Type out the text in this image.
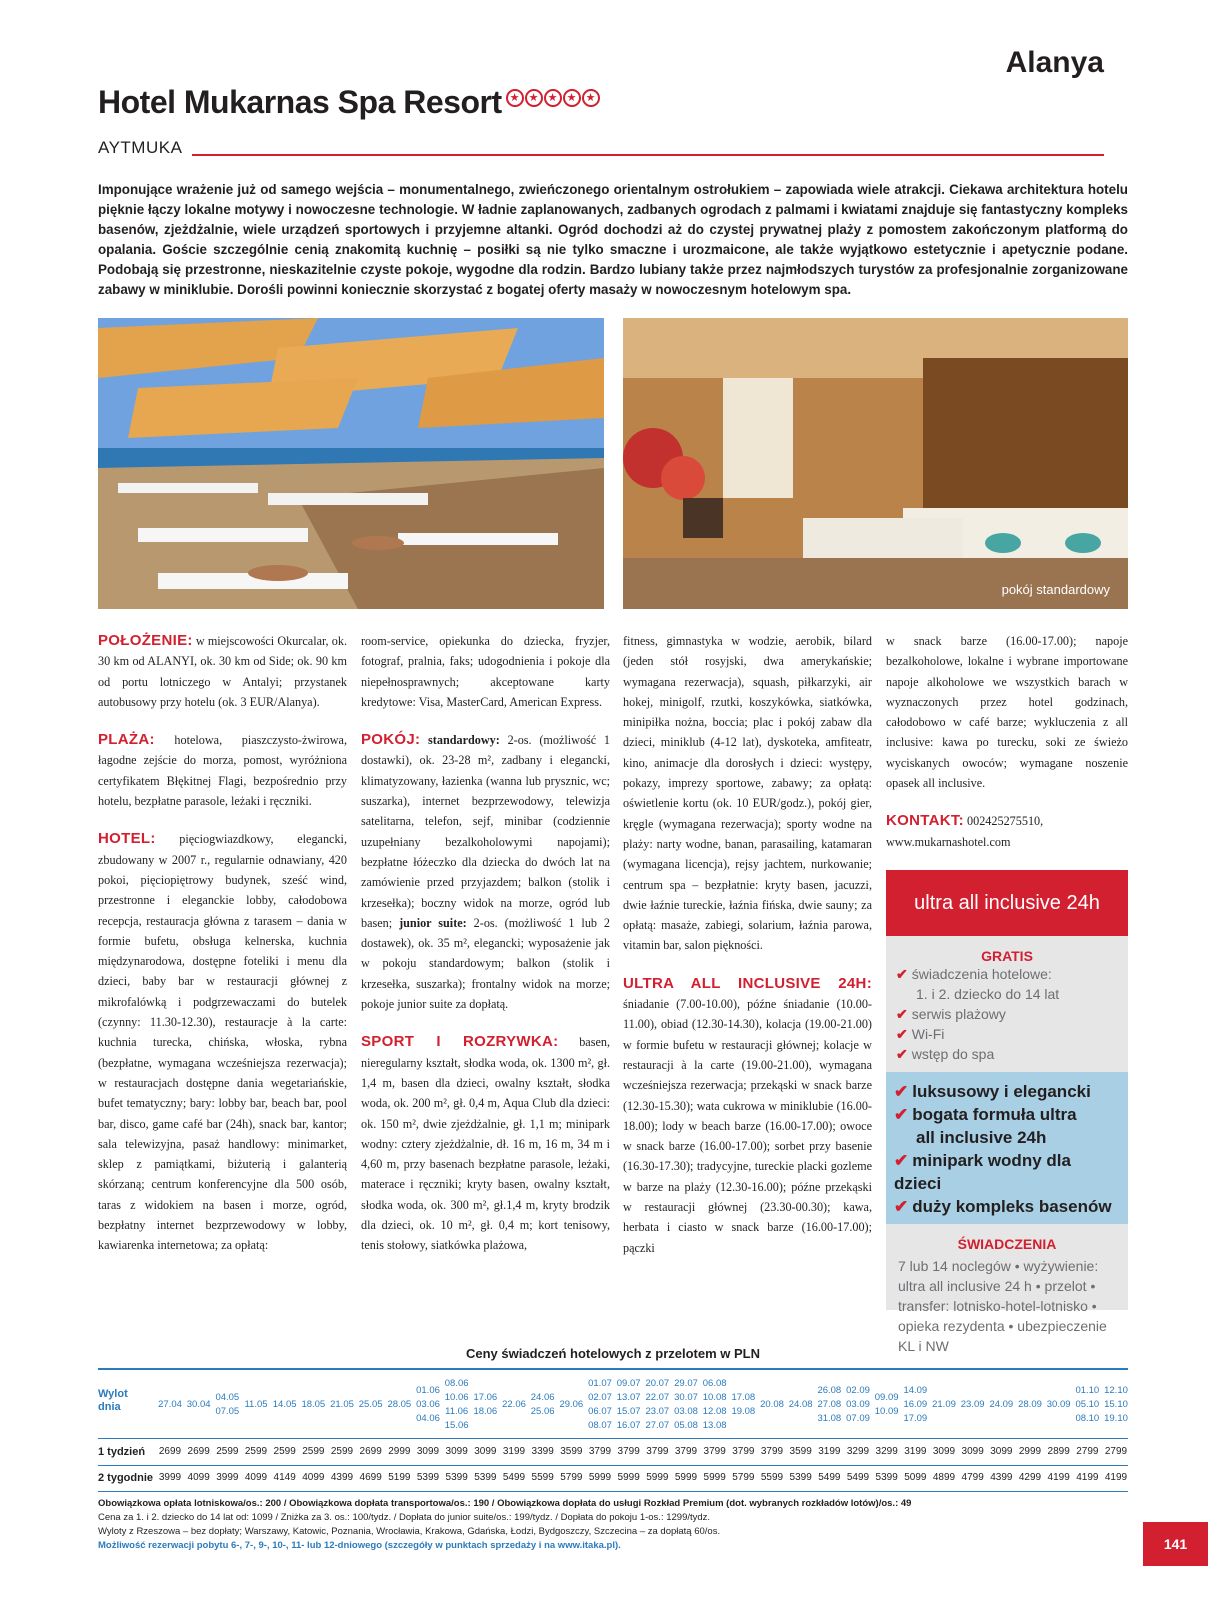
Alanya
Hotel Mukarnas Spa Resort ★ ★ ★ ★ ★
AYTMUKA
Imponujące wrażenie już od samego wejścia – monumentalnego, zwieńczonego orientalnym ostrołukiem – zapowiada wiele atrakcji. Ciekawa architektura hotelu pięknie łączy lokalne motywy i nowoczesne technologie. W ładnie zaplanowanych, zadbanych ogrodach z palmami i kwiatami znajduje się fantastyczny kompleks basenów, zjeżdżalnie, wiele urządzeń sportowych i przyjemne altanki. Ogród dochodzi aż do czystej prywatnej plaży z pomostem zakończonym platformą do opalania. Goście szczególnie cenią znakomitą kuchnię – posiłki są nie tylko smaczne i urozmaicone, ale także wyjątkowo estetycznie i apetycznie podane. Podobają się przestronne, nieskazitelnie czyste pokoje, wygodne dla rodzin. Bardzo lubiany także przez najmłodszych turystów za profesjonalnie zorganizowane zabawy w miniklubie. Dorośli powinni koniecznie skorzystać z bogatej oferty masaży w nowoczesnym hotelowym spa.
pokój standardowy

POŁOŻENIE: w miejscowości Okurcalar, ok. 30 km od ALANYI, ok. 30 km od Side; ok. 90 km od portu lotniczego w Antalyi; przystanek autobusowy przy hotelu (ok. 3 EUR/Alanya).

PLAŻA: hotelowa, piaszczysto-żwirowa, łagodne zejście do morza, pomost, wyróżniona certyfikatem Błękitnej Flagi, bezpośrednio przy hotelu, bezpłatne parasole, leżaki i ręczniki.

HOTEL: pięciogwiazdkowy, elegancki, zbudowany w 2007 r., regularnie odnawiany, 420 pokoi, pięciopiętrowy budynek, sześć wind, przestronne i eleganckie lobby, całodobowa recepcja, restauracja główna z tarasem – dania w formie bufetu, obsługa kelnerska, kuchnia międzynarodowa, dostępne foteliki i menu dla dzieci, baby bar w restauracji głównej z mikrofalówką i podgrzewaczami do butelek (czynny: 11.30-12.30), restauracje à la carte: kuchnia turecka, chińska, włoska, rybna (bezpłatne, wymagana wcześniejsza rezerwacja); w restauracjach dostępne dania wegetariańskie, bufet tematyczny; bary: lobby bar, beach bar, pool bar, disco, game café bar (24h), snack bar, kantor; sala telewizyjna, pasaż handlowy: minimarket, sklep z pamiątkami, biżuterią i galanterią skórzaną; centrum konferencyjne dla 500 osób, taras z widokiem na basen i morze, ogród, bezpłatny internet bezprzewodowy w lobby, kawiarenka internetowa; za opłatą:

room-service, opiekunka do dziecka, fryzjer, fotograf, pralnia, faks; udogodnienia i pokoje dla niepełnosprawnych; akceptowane karty kredytowe: Visa, MasterCard, American Express.

POKÓJ: standardowy: 2-os. (możliwość 1 dostawki), ok. 23-28 m², zadbany i elegancki, klimatyzowany, łazienka (wanna lub prysznic, wc; suszarka), internet bezprzewodowy, telewizja satelitarna, telefon, sejf, minibar (codziennie uzupełniany bezalkoholowymi napojami); bezpłatne łóżeczko dla dziecka do dwóch lat na zamówienie przed przyjazdem; balkon (stolik i krzesełka); boczny widok na morze, ogród lub basen; junior suite: 2-os. (możliwość 1 lub 2 dostawek), ok. 35 m², elegancki; wyposażenie jak w pokoju standardowym; balkon (stolik i krzesełka, suszarka); frontalny widok na morze; pokoje junior suite za dopłatą.

SPORT I ROZRYWKA: basen, nieregularny kształt, słodka woda, ok. 1300 m², gł. 1,4 m, basen dla dzieci, owalny kształt, słodka woda, ok. 200 m², gł. 0,4 m, Aqua Club dla dzieci: ok. 150 m², dwie zjeżdżalnie, gł. 1,1 m; minipark wodny: cztery zjeżdżalnie, dł. 16 m, 16 m, 34 m i 4,60 m, przy basenach bezpłatne parasole, leżaki, materace i ręczniki; kryty basen, owalny kształt, słodka woda, ok. 300 m², gł.1,4 m, kryty brodzik dla dzieci, ok. 10 m², gł. 0,4 m; kort tenisowy, tenis stołowy, siatkówka plażowa,

fitness, gimnastyka w wodzie, aerobik, bilard (jeden stół rosyjski, dwa amerykańskie; wymagana rezerwacja), squash, piłkarzyki, air hokej, minigolf, rzutki, koszykówka, siatkówka, minipiłka nożna, boccia; plac i pokój zabaw dla dzieci, miniklub (4-12 lat), dyskoteka, amfiteatr, kino, animacje dla dorosłych i dzieci: występy, pokazy, imprezy sportowe, zabawy; za opłatą: oświetlenie kortu (ok. 10 EUR/godz.), pokój gier, kręgle (wymagana rezerwacja); sporty wodne na plaży: narty wodne, banan, parasailing, katamaran (wymagana licencja), rejsy jachtem, nurkowanie; centrum spa – bezpłatnie: kryty basen, jacuzzi, dwie łaźnie tureckie, łaźnia fińska, dwie sauny; za opłatą: masaże, zabiegi, solarium, łaźnia parowa, vitamin bar, salon piękności.

ULTRA ALL INCLUSIVE 24H: śniadanie (7.00-10.00), późne śniadanie (10.00-11.00), obiad (12.30-14.30), kolacja (19.00-21.00) w formie bufetu w restauracji głównej; kolacje w restauracji à la carte (19.00-21.00), wymagana wcześniejsza rezerwacja; przekąski w snack barze (12.30-15.30); wata cukrowa w miniklubie (16.00-18.00); lody w beach barze (16.00-17.00); owoce w snack barze (16.00-17.00); sorbet przy basenie (16.30-17.30); tradycyjne, tureckie placki gozleme w barze na plaży (12.30-16.00); późne przekąski w restauracji głównej (23.30-00.30); kawa, herbata i ciasto w snack barze (16.00-17.00); pączki

w snack barze (16.00-17.00); napoje bezalkoholowe, lokalne i wybrane importowane napoje alkoholowe we wszystkich barach w wyznaczonych przez hotel godzinach, całodobowo w café barze; wykluczenia z all inclusive: kawa po turecku, soki ze świeżo wyciskanych owoców; wymagane noszenie opasek all inclusive.

KONTAKT: 002425275510,
www.mukarnashotel.com

ultra all inclusive 24h
GRATIS
✔ świadczenia hotelowe:
1. i 2. dziecko do 14 lat
✔ serwis plażowy
✔ Wi-Fi
✔ wstęp do spa
✔ luksusowy i elegancki
✔ bogata formuła ultra
all inclusive 24h
✔ minipark wodny dla dzieci
✔ duży kompleks basenów
ŚWIADCZENIA
7 lub 14 noclegów • wyżywienie: ultra all inclusive 24 h • przelot • transfer: lotnisko-hotel-lotnisko • opieka rezydenta • ubezpieczenie KL i NW
Ceny świadczeń hotelowych z przelotem w PLN
Wylot
dnia	27.04 30.04
04.05
07.05
11.05 14.05 18.05 21.05 25.05 28.05
01.06
03.06
04.06
08.06
10.06
11.06
15.06
17.06
18.06
22.06
24.06
25.06
29.06
01.07
02.07
06.07
08.07
09.07
13.07
15.07
16.07
20.07
22.07
23.07
27.07
29.07
30.07
03.08
05.08
06.08
10.08
12.08
13.08
17.08
19.08
20.08 24.08
26.08
27.08
31.08
02.09
03.09
07.09
09.09
10.09
14.09
16.09
17.09
21.09 23.09 24.09 28.09 30.09
01.10
05.10
08.10
12.10
15.10
19.10
1 tydzień 2699 2699 2599 2599 2599 2599 2599 2699 2999 3099 3099 3099 3199 3399 3599 3799 3799 3799 3799 3799 3799 3799 3599 3199 3299 3299 3199 3099 3099 3099 2999 2899 2799 2799
2 tygodnie 3999 4099 3999 4099 4149 4099 4399 4699 5199 5399 5399 5399 5499 5599 5799 5999 5999 5999 5999 5999 5799 5599 5399 5499 5499 5399 5099 4899 4799 4399 4299 4199 4199 4199
Obowiązkowa opłata lotniskowa/os.: 200 / Obowiązkowa dopłata transportowa/os.: 190 / Obowiązkowa dopłata do usługi Rozkład Premium (dot. wybranych rozkładów lotów)/os.: 49
Cena za 1. i 2. dziecko do 14 lat od: 1099 / Zniżka za 3. os.: 100/tydz. / Dopłata do junior suite/os.: 199/tydz. / Dopłata do pokoju 1-os.: 1299/tydz.
Wyloty z Rzeszowa – bez dopłaty; Warszawy, Katowic, Poznania, Wrocławia, Krakowa, Gdańska, Łodzi, Bydgoszczy, Szczecina – za dopłatą 60/os.
Możliwość rezerwacji pobytu 6-, 7-, 9-, 10-, 11- lub 12-dniowego (szczegóły w punktach sprzedaży i na www.itaka.pl).	141
